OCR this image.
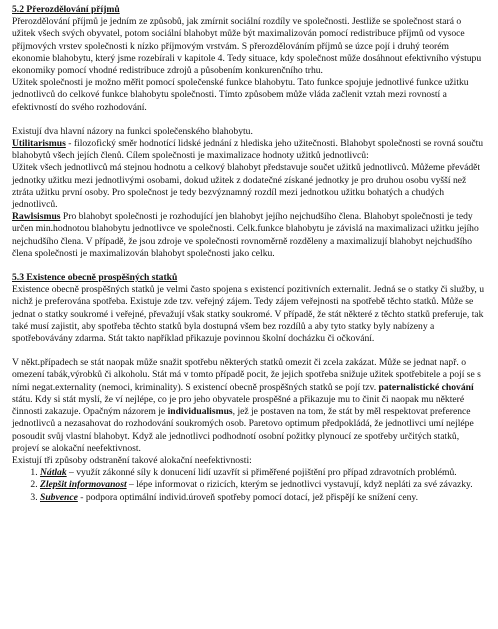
5.2 Přerozdělování příjmů

Přerozdělování příjmů je jedním ze způsobů, jak zmírnit sociální rozdíly ve společnosti. Jestliže se společnost stará o užitek všech svých obyvatel, potom sociální blahobyt může být maximalizován pomocí redistribuce příjmů od vysoce příjmových vrstev společnosti k nízko příjmovým vrstvám. S přerozdělováním příjmů se úzce pojí i druhý teorém ekonomie blahobytu, který jsme rozebírali v kapitole 4. Tedy situace, kdy společnost může dosáhnout efektivního výstupu ekonomiky pomocí vhodné redistribuce zdrojů a působením konkurenčního trhu.

Užitek společnosti je možno měřit pomocí společenské funkce blahobytu. Tato funkce spojuje jednotlivé funkce užitku jednotlivců do celkové funkce blahobytu společnosti. Tímto způsobem může vláda začlenit vztah mezi rovností a efektivností do svého rozhodování.

Existují dva hlavní názory na funkci společenského blahobytu.

Utilitarismus - filozofický směr hodnotící lidské jednání z hlediska jeho užitečnosti. Blahobyt společnosti se rovná součtu blahobytů všech jejích členů. Cílem společnosti je maximalizace hodnoty užitků jednotlivců:

Užitek všech jednotlivců má stejnou hodnotu a celkový blahobyt představuje součet užitků jednotlivců. Můžeme převádět jednotky užitku mezi jednotlivými osobami, dokud užitek z dodatečné získané jednotky je pro druhou osobu vyšší než ztráta užitku první osoby. Pro společnost je tedy bezvýznamný rozdíl mezi jednotkou užitku bohatých a chudých jednotlivců.

Rawlsismus Pro blahobyt společnosti je rozhodující jen blahobyt jejího nejchudšího člena. Blahobyt společnosti je tedy určen min.hodnotou blahobytu jednotlivce ve společnosti. Celk.funkce blahobytu je závislá na maximalizaci užitku jejího nejchudšího člena. V případě, že jsou zdroje ve společnosti rovnoměrně rozděleny a maximalizují blahobyt nejchudšího člena společnosti je maximalizován blahobyt společnosti jako celku.

5.3 Existence obecně prospěšných statků

Existence obecně prospěšných statků je velmi často spojena s existencí pozitivních externalit. Jedná se o statky či služby, u nichž je preferována spotřeba. Existuje zde tzv. veřejný zájem. Tedy zájem veřejnosti na spotřebě těchto statků. Může se jednat o statky soukromé i veřejné, převažují však statky soukromé. V případě, že stát některé z těchto statků preferuje, tak také musí zajistit, aby spotřeba těchto statků byla dostupná všem bez rozdílů a aby tyto statky byly nabízeny a spotřebovávány zdarma. Stát takto například přikazuje povinnou školní docházku či očkování.

V někt.případech se stát naopak může snažit spotřebu některých statků omezit či zcela zakázat. Může se jednat např. o omezení tabák,výrobků či alkoholu. Stát má v tomto případě pocit, že jejich spotřeba snižuje užitek spotřebitele a pojí se s ními negat.externality (nemoci, kriminality). S existencí obecně prospěšných statků se pojí tzv. paternalistické chování státu. Kdy si stát myslí, že ví nejlépe, co je pro jeho obyvatele prospěšné a přikazuje mu to činit či naopak mu některé činnosti zakazuje. Opačným názorem je individualismus, jež je postaven na tom, že stát by měl respektovat preference jednotlivců a nezasahovat do rozhodování soukromých osob. Paretovo optimum předpokládá, že jednotlivci umí nejlépe posoudit svůj vlastní blahobyt. Když ale jednotlivci podhodnotí osobní požitky plynoucí ze spotřeby určitých statků, projeví se alokační neefektivnost.

Existují tři způsoby odstranění takové alokační neefektivnosti:

1. Nátlak – využít zákonné síly k donucení lidí uzavřít si přiměřené pojištění pro případ zdravotních problémů.
2. Zlepšit informovanost – lépe informovat o rizicích, kterým se jednotlivci vystavují, když nepláti za své závazky.
3. Subvence - podpora optimální individ.úroveň spotřeby pomocí dotací, jež přispějí ke snížení ceny.
